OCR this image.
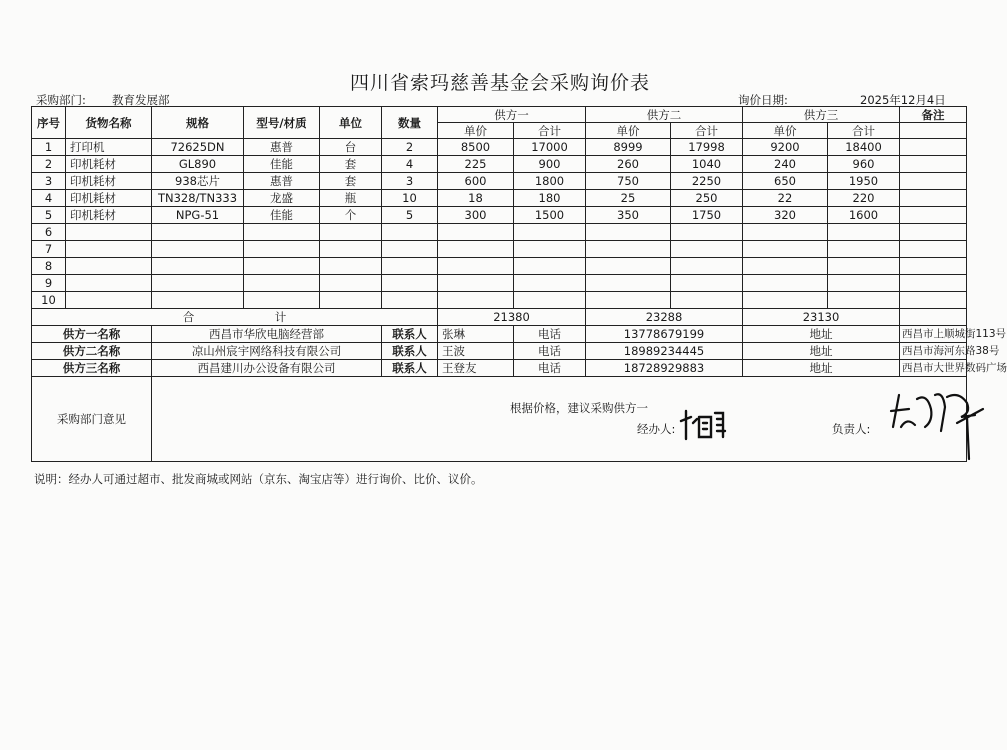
四川省索玛慈善基金会采购询价表
采购部门: 教育发展部	询价日期:	2025年12月4日
序号	货物名称	规格	型号/材质	单位	数量	供方一		供方二		供方三		备注
						单价	合计	单价	合计	单价	合计	
1	打印机	72625DN	惠普	台	2	8500	17000	8999	17998	9200	18400	
2	印机耗材	GL890	佳能	套	4	225	900	260	1040	240	960	
3	印机耗材	938芯片	惠普	套	3	600	1800	750	2250	650	1950	
4	印机耗材	TN328/TN333	龙盛	瓶	10	18	180	25	250	22	220	
5	印机耗材	NPG-51	佳能	个	5	300	1500	350	1750	320	1600	
6												
7												
8												
9												
10												
合　　　　　　　计						21380		23288		23130		
供方一名称		西昌市华欣电脑经营部			联系人	张琳	电话	13778679199		地址		西昌市上顺城街113号
供方二名称		凉山州宸宇网络科技有限公司			联系人	王波	电话	18989234445		地址		西昌市海河东路38号
供方三名称		西昌建川办公设备有限公司			联系人	王登友	电话	18728929883		地址		西昌市大世界数码广场
采购部门意见		根据价格，建议采购供方一
经办人: 负责人:										
说明：经办人可通过超市、批发商城或网站（京东、淘宝店等）进行询价、比价、议价。
